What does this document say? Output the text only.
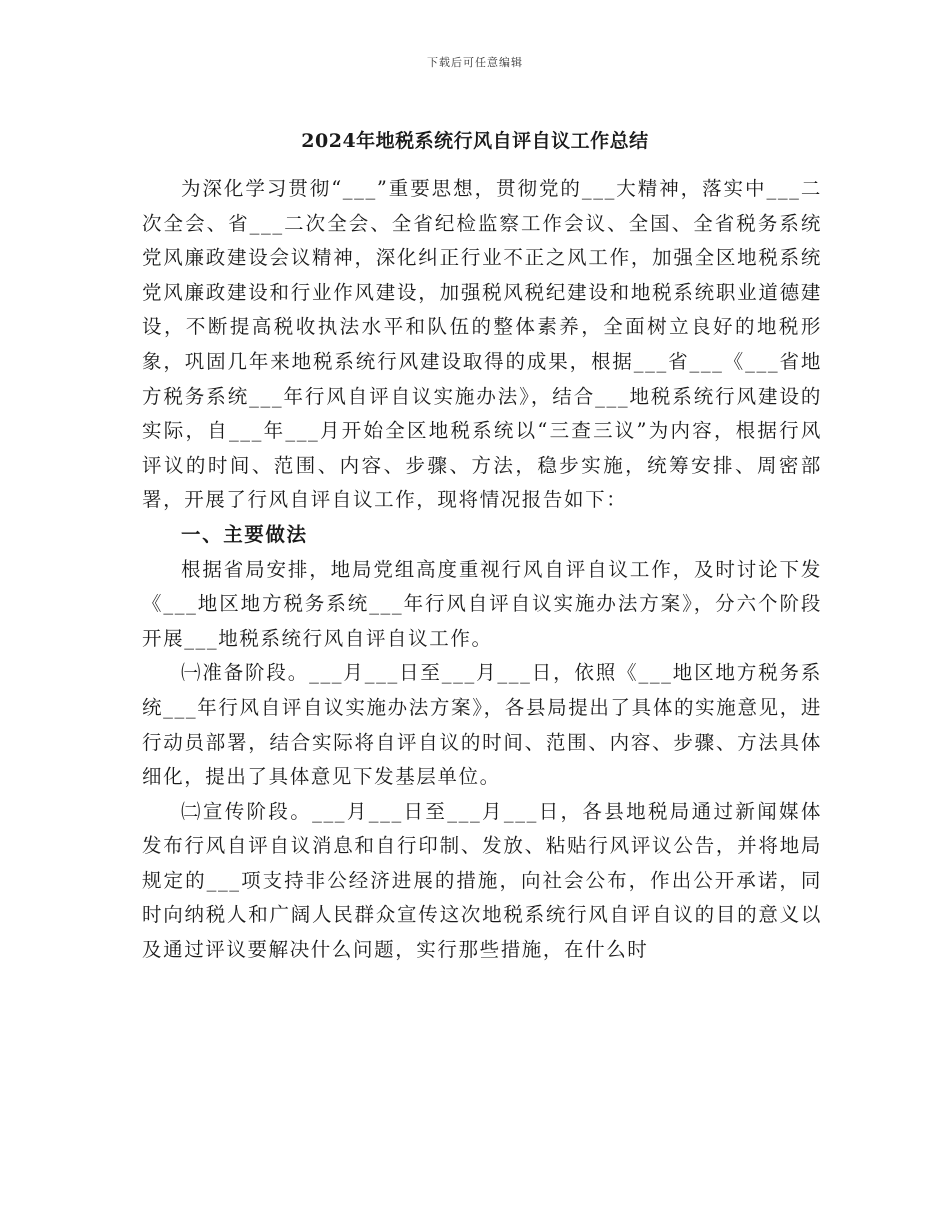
下载后可任意编辑
2024年地税系统行风自评自议工作总结

为深化学习贯彻“___”重要思想，贯彻党的___大精神，落实中___二次全会、省___二次全会、全省纪检监察工作会议、全国、全省税务系统党风廉政建设会议精神，深化纠正行业不正之风工作，加强全区地税系统党风廉政建设和行业作风建设，加强税风税纪建设和地税系统职业道德建设，不断提高税收执法水平和队伍的整体素养，全面树立良好的地税形象，巩固几年来地税系统行风建设取得的成果，根据___省___《___省地方税务系统___年行风自评自议实施办法》，结合___地税系统行风建设的实际，自___年___月开始全区地税系统以“三查三议”为内容，根据行风评议的时间、范围、内容、步骤、方法，稳步实施，统筹安排、周密部署，开展了行风自评自议工作，现将情况报告如下：

一、主要做法

根据省局安排，地局党组高度重视行风自评自议工作，及时讨论下发《___地区地方税务系统___年行风自评自议实施办法方案》，分六个阶段开展___地税系统行风自评自议工作。

㈠准备阶段。___月___日至___月___日，依照《___地区地方税务系统___年行风自评自议实施办法方案》，各县局提出了具体的实施意见，进行动员部署，结合实际将自评自议的时间、范围、内容、步骤、方法具体细化，提出了具体意见下发基层单位。

㈡宣传阶段。___月___日至___月___日，各县地税局通过新闻媒体发布行风自评自议消息和自行印制、发放、粘贴行风评议公告，并将地局规定的___项支持非公经济进展的措施，向社会公布，作出公开承诺，同时向纳税人和广阔人民群众宣传这次地税系统行风自评自议的目的意义以及通过评议要解决什么问题，实行那些措施，在什么时
